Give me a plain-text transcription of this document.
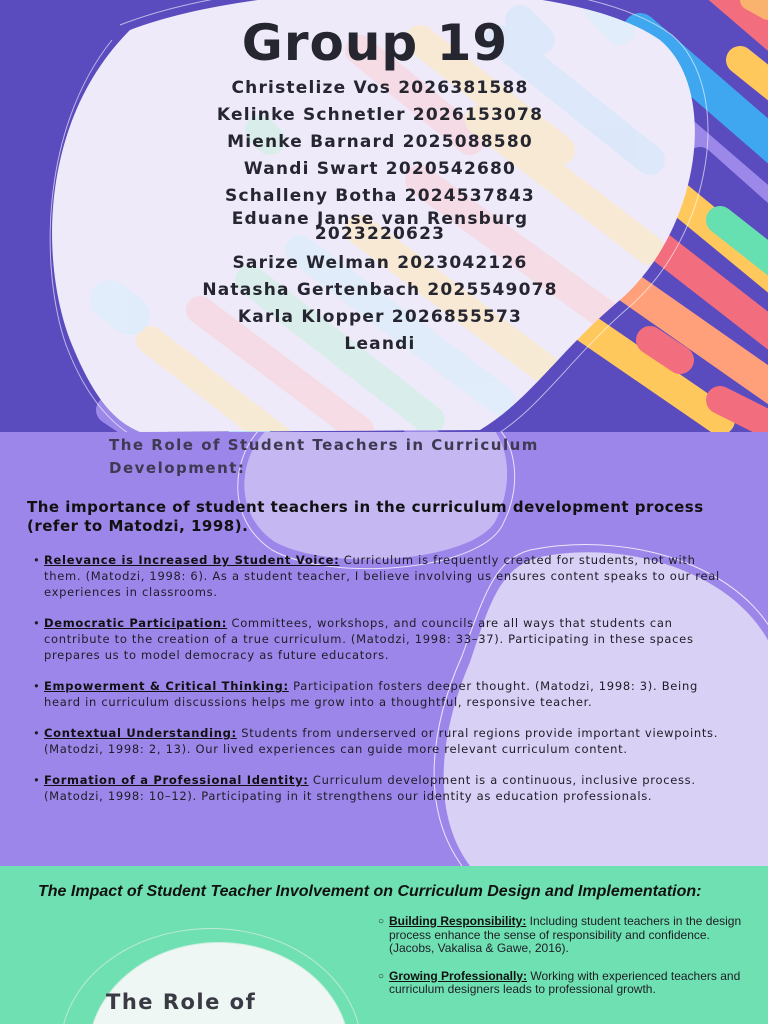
Group 19
Christelize Vos 2026381588
Kelinke Schnetler 2026153078
Mienke Barnard 2025088580
Wandi Swart 2020542680
Schalleny Botha 2024537843
Eduane Janse van Rensburg
2023220623
Sarize Welman 2023042126
Natasha Gertenbach 2025549078
Karla Klopper 2026855573
Leandi
The Role of Student Teachers in Curriculum Development:

The importance of student teachers in the curriculum development process (refer to Matodzi, 1998).

• Relevance is Increased by Student Voice: Curriculum is frequently created for students, not with them. (Matodzi, 1998: 6). As a student teacher, I believe involving us ensures content speaks to our real experiences in classrooms.
• Democratic Participation: Committees, workshops, and councils are all ways that students can contribute to the creation of a true curriculum. (Matodzi, 1998: 33–37). Participating in these spaces prepares us to model democracy as future educators.
• Empowerment & Critical Thinking: Participation fosters deeper thought. (Matodzi, 1998: 3). Being heard in curriculum discussions helps me grow into a thoughtful, responsive teacher.
• Contextual Understanding: Students from underserved or rural regions provide important viewpoints. (Matodzi, 1998: 2, 13). Our lived experiences can guide more relevant curriculum content.
• Formation of a Professional Identity: Curriculum development is a continuous, inclusive process. (Matodzi, 1998: 10–12). Participating in it strengthens our identity as education professionals.

The Role of

The Impact of Student Teacher Involvement on Curriculum Design and Implementation:
○ Building Responsibility: Including student teachers in the design process enhance the sense of responsibility and confidence. (Jacobs, Vakalisa & Gawe, 2016).
○ Growing Professionally: Working with experienced teachers and curriculum designers leads to professional growth.
